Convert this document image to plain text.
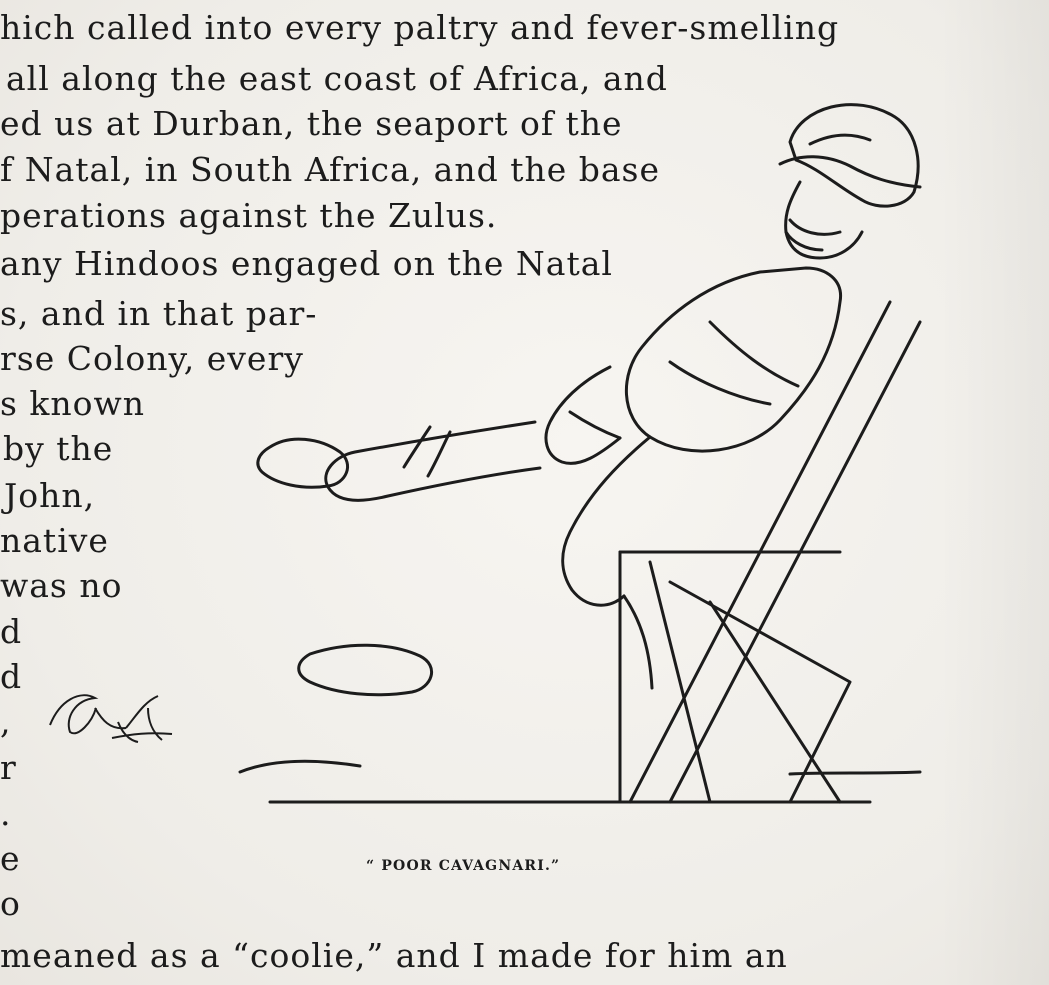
hich called into every paltry and fever-smelling
all along the east coast of Africa, and
ed us at Durban, the seaport of the
f Natal, in South Africa, and the base
perations against the Zulus.
any Hindoos engaged on the Natal
s, and in that par-
rse Colony, every
s known
by the
John,
native
was no
d
d
,
r
.
e
o
meaned as a “coolie,” and I made for him an
“ POOR CAVAGNARI.”
